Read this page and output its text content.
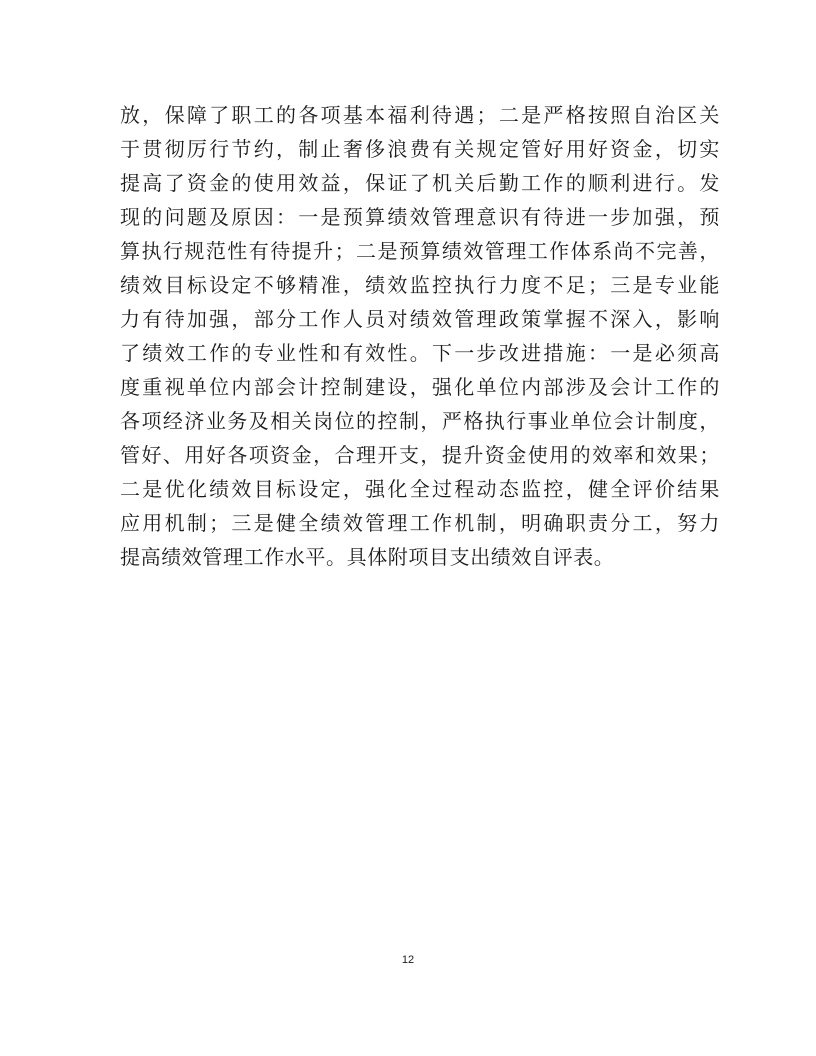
放，保障了职工的各项基本福利待遇；二是严格按照自治区关
于贯彻厉行节约，制止奢侈浪费有关规定管好用好资金，切实
提高了资金的使用效益，保证了机关后勤工作的顺利进行。发
现的问题及原因：一是预算绩效管理意识有待进一步加强，预
算执行规范性有待提升；二是预算绩效管理工作体系尚不完善，
绩效目标设定不够精准，绩效监控执行力度不足；三是专业能
力有待加强，部分工作人员对绩效管理政策掌握不深入，影响
了绩效工作的专业性和有效性。下一步改进措施：一是必须高
度重视单位内部会计控制建设，强化单位内部涉及会计工作的
各项经济业务及相关岗位的控制，严格执行事业单位会计制度，
管好、用好各项资金，合理开支，提升资金使用的效率和效果；
二是优化绩效目标设定，强化全过程动态监控，健全评价结果
应用机制；三是健全绩效管理工作机制，明确职责分工，努力
提高绩效管理工作水平。具体附项目支出绩效自评表。
12
